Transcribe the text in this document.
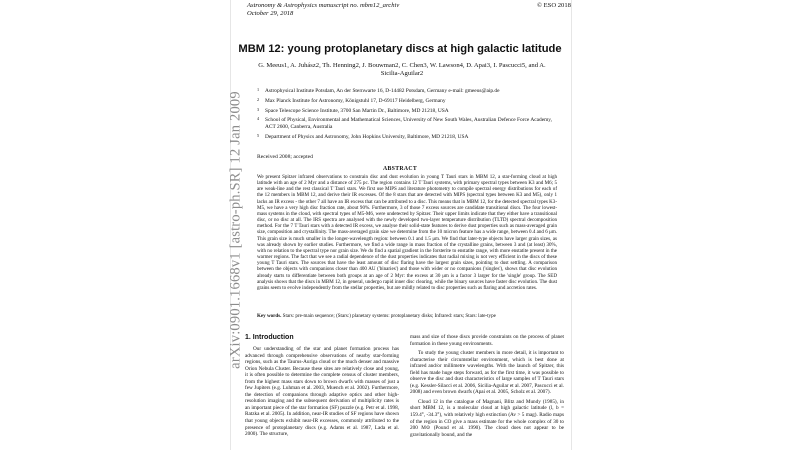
arXiv:0901.1668v1 [astro-ph.SR] 12 Jan 2009
Astronomy & Astrophysics manuscript no. mbm12_archiv
October 29, 2018
© ESO 2018
MBM 12: young protoplanetary discs at high galactic latitude
G. Meeus1, A. Juhász2, Th. Henning2, J. Bouwman2, C. Chen3, W. Lawson4, D. Apai3, I. Pascucci5, and A. Sicilia-Aguilar2
1 Astrophysical Institute Potsdam, An der Sternwarte 16, D-14482 Potsdam, Germany e-mail: gmeeus@aip.de
2 Max Planck Institute for Astronomy, Königstuhl 17, D-69117 Heidelberg, Germany
3 Space Telescope Science Institute, 3700 San Martin Dr., Baltimore, MD 21218, USA
4 School of Physical, Environmental and Mathematical Sciences, University of New South Wales, Australian Defence Force Academy, ACT 2600, Canberra, Australia
5 Department of Physics and Astronomy, John Hopkins University, Baltimore, MD 21218, USA
Received 2008; accepted
ABSTRACT
We present Spitzer infrared observations to constrain disc and dust evolution in young T Tauri stars in MBM 12, a star-forming cloud at high latitude with an age of 2 Myr and a distance of 275 pc. The region contains 12 T Tauri systems, with primary spectral types between K3 and M6; 5 are weak-line and the rest classical T Tauri stars. We first use MIPS and literature photometry to compile spectral energy distributions for each of the 12 members in MBM 12, and derive their IR excesses. Of the 8 stars that are detected with MIPS (spectral types between K3 and M5), only 1 lacks an IR excess - the other 7 all have an IR excess that can be attributed to a disc. This means that in MBM 12, for the detected spectral types K3-M5, we have a very high disc fraction rate, about 90%. Furthermore, 3 of those 7 excess sources are candidate transitional discs. The four lowest-mass systems in the cloud, with spectral types of M5-M6, were undetected by Spitzer. Their upper limits indicate that they either have a transitional disc, or no disc at all. The IRS spectra are analysed with the newly developed two-layer temperature distribution (TLTD) spectral decomposition method. For the 7 T Tauri stars with a detected IR excess, we analyse their solid-state features to derive dust properties such as mass-averaged grain size, composition and crystallinity. The mass-averaged grain size we determine from the 10 micron feature has a wide range, between 0.4 and 6 μm. This grain size is much smaller in the longer-wavelength region: between 0.1 and 1.5 μm. We find that later-type objects have larger grain sizes, as was already shown by earlier studies. Furthermore, we find a wide range in mass fraction of the crystalline grains, between 3 and (at least) 30%, with no relation to the spectral type nor grain size. We do find a spatial gradient in the forsterite to enstatite range, with more enstatite present in the warmer regions. The fact that we see a radial dependence of the dust properties indicates that radial mixing is not very efficient in the discs of these young T Tauri stars. The sources that have the least amount of disc flaring have the largest grain sizes, pointing to dust settling. A comparison between the objects with companions closer than 400 AU ('binaries') and those with wider or no companions ('singles'), shows that disc evolution already starts to differentiate between both groups at an age of 2 Myr: the excess at 30 μm is a factor 3 larger for the 'single' group. The SED analysis shows that the discs in MBM 12, in general, undergo rapid inner disc clearing, while the binary sources have faster disc evolution. The dust grains seem to evolve independently from the stellar properties, but are mildly related to disc properties such as flaring and accretion rates.
Key words. Stars: pre-main sequence; (Stars:) planetary systems: protoplanetary disks; Infrared: stars; Stars: late-type
1. Introduction

Our understanding of the star and planet formation process has advanced through comprehensive observations of nearby star-forming regions, such as the Taurus-Auriga cloud or the much denser and massive Orion Nebula Cluster. Because these sites are relatively close and young, it is often possible to determine the complete census of cluster members, from the highest mass stars down to brown dwarfs with masses of just a few Jupiters (e.g. Luhman et al. 2003, Muench et al. 2002). Furthermore, the detection of companions through adaptive optics and other high-resolution imaging and the subsequent derivation of multiplicity rates is an important piece of the star formation (SF) puzzle (e.g. Petr et al. 1998, Ratzka et al. 2005). In addition, near-IR studies of SF regions have shown that young objects exhibit near-IR excesses, commonly attributed to the presence of protoplanetary discs (e.g. Adams et al. 1987, Lada et al. 2000). The structure,

mass and size of those discs provide constraints on the process of planet formation in these young environments.

To study the young cluster members in more detail, it is important to characterise their circumstellar environment, which is best done at infrared and/or millimetre wavelengths. With the launch of Spitzer, this field has made huge steps forward, as for the first time, it was possible to observe the disc and dust characteristics of large samples of T Tauri stars (e.g. Kessler-Silacci et al. 2006, Sicilia-Aguilar et al. 2007, Pascucci et al. 2008) and even brown dwarfs (Apai et al. 2005, Scholz et al. 2007).

Cloud 12 in the catalogue of Magnani, Blitz and Mundy (1985), in short MBM 12, is a molecular cloud at high galactic latitude (l, b = 159.4°, -34.3°), with relatively high extinction (Av > 5 mag). Radio maps of the region in CO give a mass estimate for the whole complex of 30 to 200 M⊙ (Pound et al. 1990). The cloud does not appear to be gravitationally bound, and the
